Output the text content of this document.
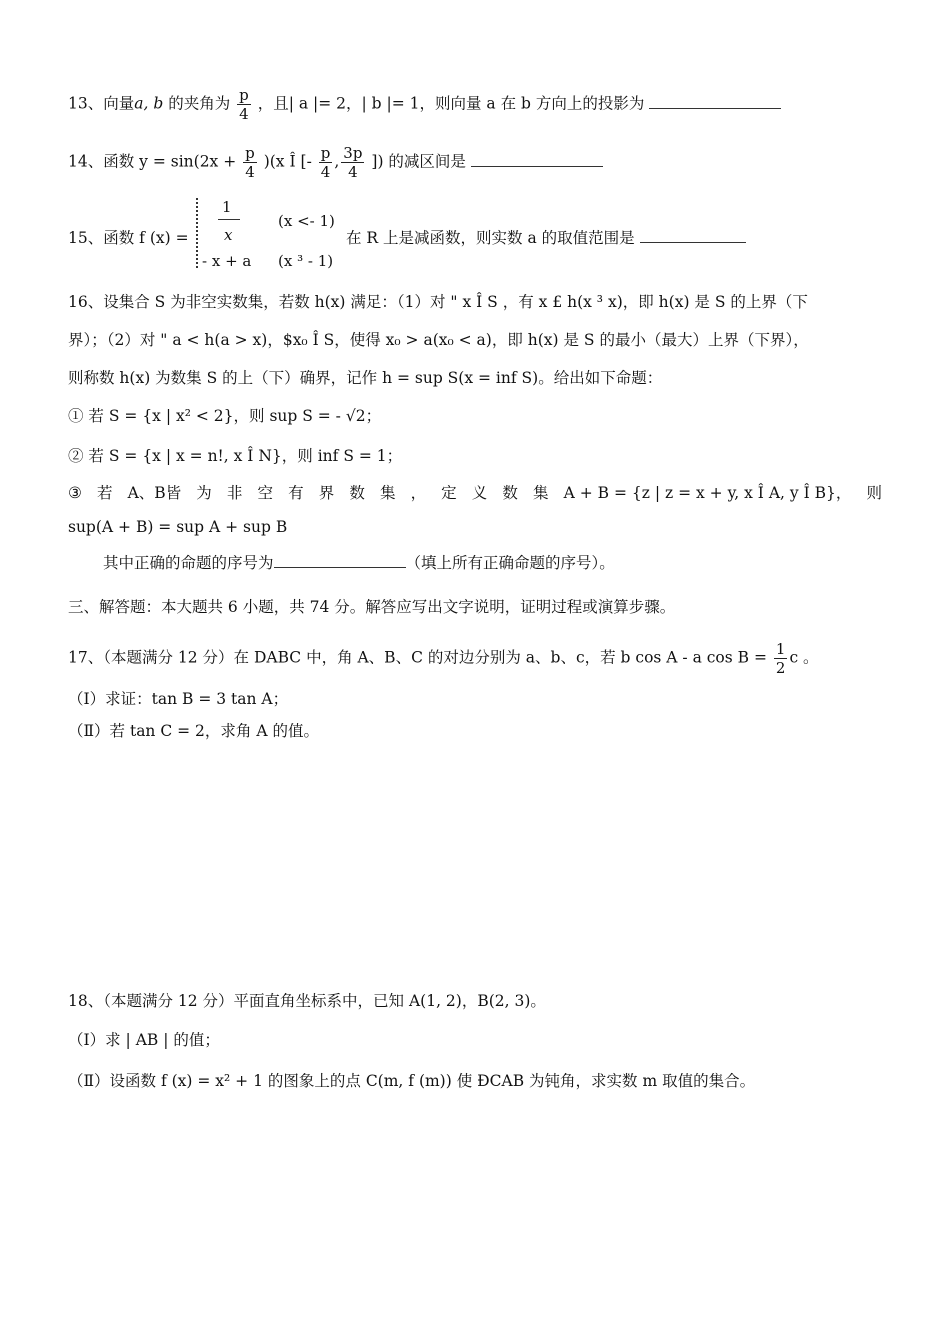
13、向量a, b 的夹角为 $\frac{p}{4}$ ，且| a |= 2，| b |= 1，则向量 a 在 b 方向上的投影为
14、函数 $y = \sin(2x + \frac{p}{4} )(x$ Î [- $\frac{p}{4}$ , $\frac{3p}{4}$ ]) 的减区间是
15、函数 f (x) =
1
x
(x <- 1)
- x + a (x ³ - 1)
在 R 上是减函数，则实数 a 的取值范围是
16、设集合 S 为非空实数集，若数 h(x) 满足：（1）对 " x Î S ，有 x £ h(x ³ x)，即 h(x) 是 S 的上界（下
界）；（2）对 " a < h(a > x)，$x₀ Î S，使得 x₀ > a(x₀ < a)，即 h(x) 是 S 的最小（最大）上界（下界），
则称数 h(x) 为数集 S 的上（下）确界，记作 h = sup S(x = inf S)。给出如下命题：
① 若 S = {x | x² < 2}，则 sup S = - √2；
② 若 S = {x | x = n!, x Î N}，则 inf S = 1；
③ 若 A、B皆 为 非 空 有 界 数 集 ， 定 义 数 集 A + B = {z | z = x + y, x Î A, y Î B}， 则
sup(A + B) = sup A + sup B
其中正确的命题的序号为	（填上所有正确命题的序号）。
三、解答题：本大题共 6 小题，共 74 分。解答应写出文字说明，证明过程或演算步骤。
17、（本题满分 12 分）在 DABC 中，角 A、B、C 的对边分别为 a、b、c，若 b cos A - a $\cos B = \frac{1}{2}$ c 。
（Ⅰ）求证：tan B = 3 tan A；
（Ⅱ）若 tan C = 2，求角 A 的值。
18、（本题满分 12 分）平面直角坐标系中，已知 A(1, 2)，B(2, 3)。
（Ⅰ）求 | AB | 的值；
（Ⅱ）设函数 f (x) = x² + 1 的图象上的点 C(m, f (m)) 使 ÐCAB 为钝角，求实数 m 取值的集合。
